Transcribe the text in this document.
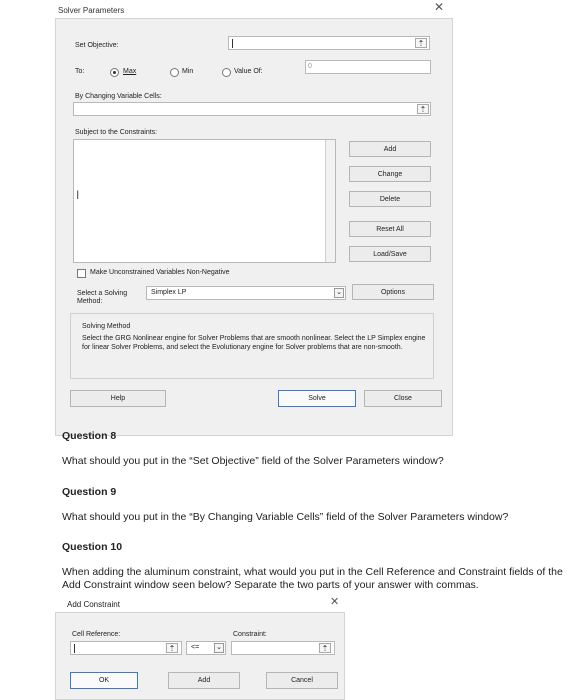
Solver Parameters	✕
Set Objective:	⇡
To:	Max	Min	Value Of:
0
By Changing Variable Cells:
⇡
Subject to the Constraints:
I
Add
Change
Delete
Reset All
Load/Save
Make Unconstrained Variables Non-Negative
Select a Solving Method:
Simplex LP	⌄	Options
Solving Method
Select the GRG Nonlinear engine for Solver Problems that are smooth nonlinear. Select the LP Simplex engine for linear Solver Problems, and select the Evolutionary engine for Solver problems that are non-smooth.
Help	Solve	Close
Question 8
What should you put in the “Set Objective” field of the Solver Parameters window?
Question 9
What should you put in the “By Changing Variable Cells” field of the Solver Parameters window?
Question 10
When adding the aluminum constraint, what would you put in the Cell Reference and Constraint fields of the Add Constraint window seen below? Separate the two parts of your answer with commas.
Add Constraint	✕
Cell Reference:	Constraint:
⇡	<= ⌄	⇡
OK	Add	Cancel
